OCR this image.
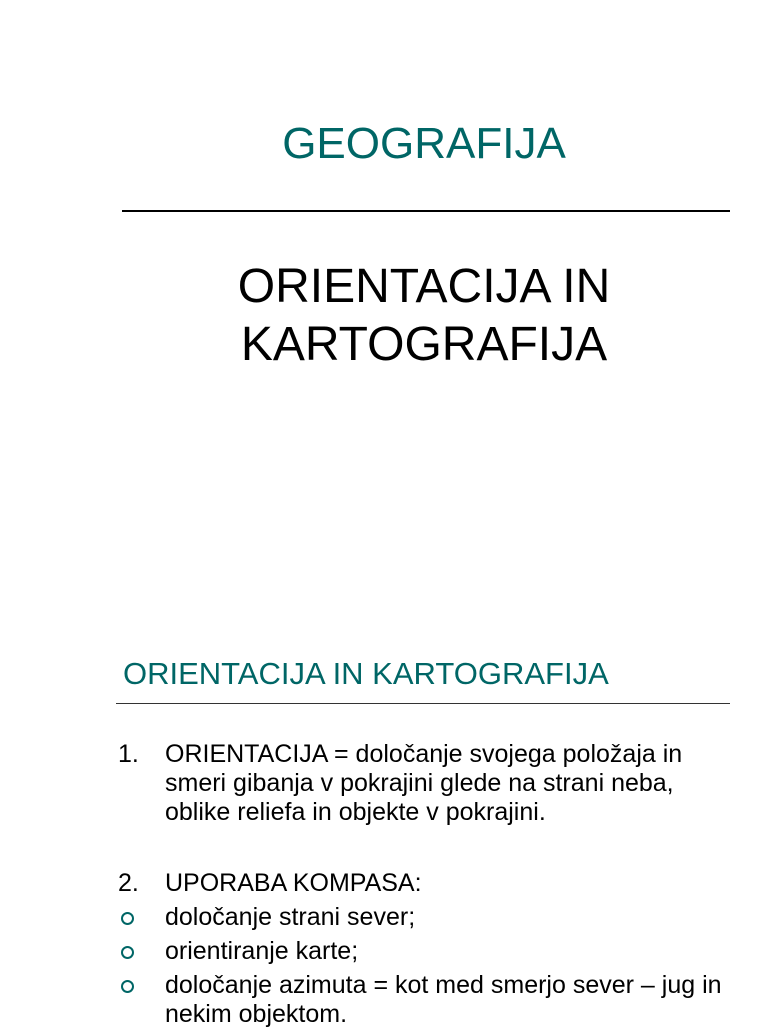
GEOGRAFIJA
ORIENTACIJA IN
KARTOGRAFIJA
ORIENTACIJA IN KARTOGRAFIJA
1. ORIENTACIJA = določanje svojega položaja in smeri gibanja v pokrajini glede na strani neba, oblike reliefa in objekte v pokrajini.
2. UPORABA KOMPASA:
določanje strani sever;
orientiranje karte;
določanje azimuta = kot med smerjo sever – jug in nekim objektom.
